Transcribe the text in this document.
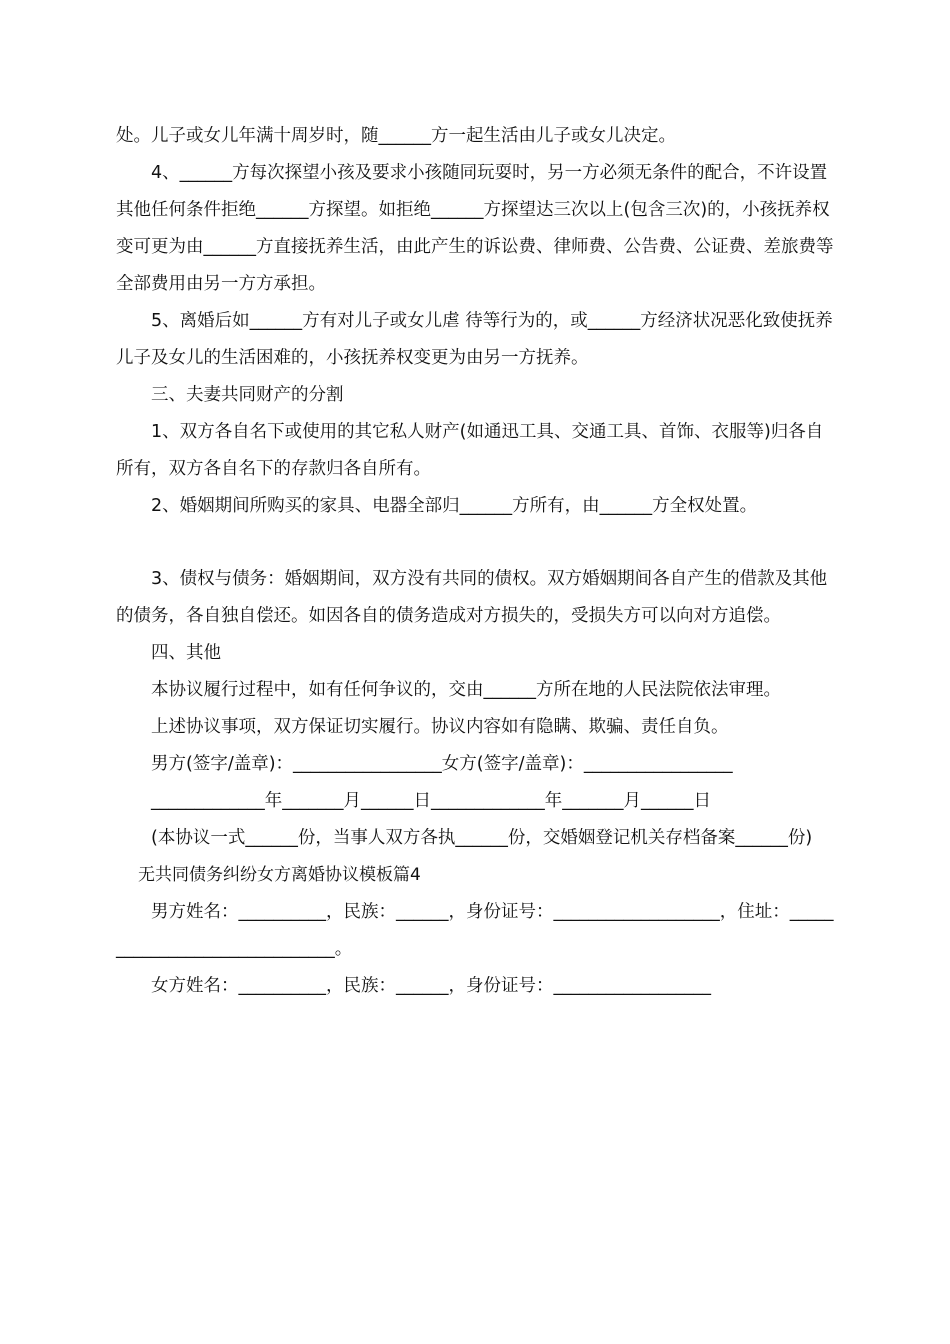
处。儿子或女儿年满十周岁时，随______方一起生活由儿子或女儿决定。

4、______方每次探望小孩及要求小孩随同玩耍时，另一方必须无条件的配合，不许设置其他任何条件拒绝______方探望。如拒绝______方探望达三次以上(包含三次)的，小孩抚养权变可更为由______方直接抚养生活，由此产生的诉讼费、律师费、公告费、公证费、差旅费等全部费用由另一方方承担。

5、离婚后如______方有对儿子或女儿虐 待等行为的，或______方经济状况恶化致使抚养儿子及女儿的生活困难的，小孩抚养权变更为由另一方抚养。

三、夫妻共同财产的分割

1、双方各自名下或使用的其它私人财产(如通迅工具、交通工具、首饰、衣服等)归各自所有，双方各自名下的存款归各自所有。

2、婚姻期间所购买的家具、电器全部归______方所有，由______方全权处置。

3、债权与债务：婚姻期间，双方没有共同的债权。双方婚姻期间各自产生的借款及其他的债务，各自独自偿还。如因各自的债务造成对方损失的，受损失方可以向对方追偿。

四、其他

本协议履行过程中，如有任何争议的，交由______方所在地的人民法院依法审理。

上述协议事项，双方保证切实履行。协议内容如有隐瞒、欺骗、责任自负。

男方(签字/盖章)：_________________女方(签字/盖章)：_________________

_____________年_______月______日_____________年_______月______日

(本协议一式______份，当事人双方各执______份，交婚姻登记机关存档备案______份)

无共同债务纠纷女方离婚协议模板篇4

男方姓名：__________，民族：______，身份证号：___________________，住址：______________________________。

女方姓名：__________，民族：______，身份证号：__________________
